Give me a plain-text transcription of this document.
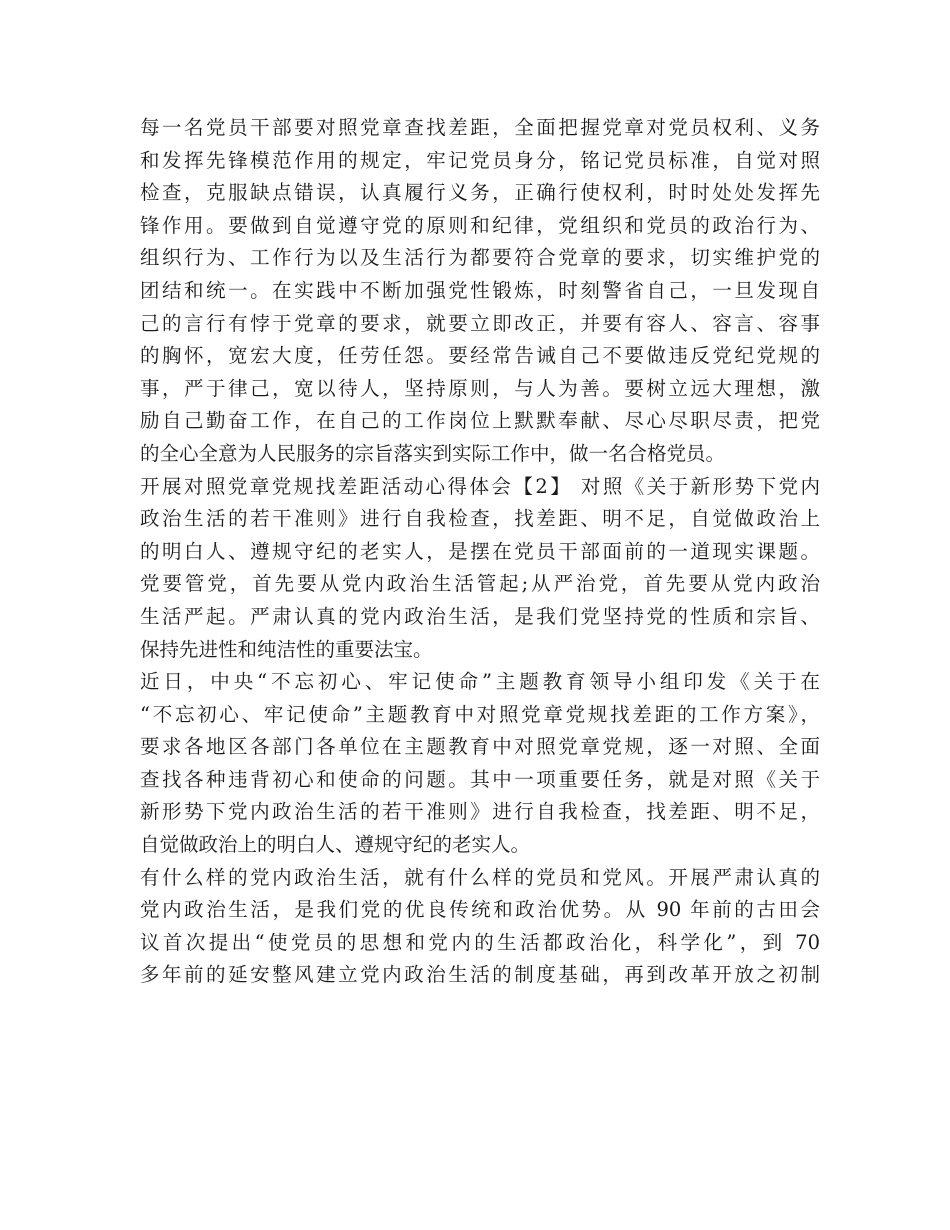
每一名党员干部要对照党章查找差距，全面把握党章对党员权利、义务
和发挥先锋模范作用的规定，牢记党员身分，铭记党员标准，自觉对照
检查，克服缺点错误，认真履行义务，正确行使权利，时时处处发挥先
锋作用。要做到自觉遵守党的原则和纪律，党组织和党员的政治行为、
组织行为、工作行为以及生活行为都要符合党章的要求，切实维护党的
团结和统一。在实践中不断加强党性锻炼，时刻警省自己，一旦发现自
己的言行有悖于党章的要求，就要立即改正，并要有容人、容言、容事
的胸怀，宽宏大度，任劳任怨。要经常告诫自己不要做违反党纪党规的
事，严于律己，宽以待人，坚持原则，与人为善。要树立远大理想，激
励自己勤奋工作，在自己的工作岗位上默默奉献、尽心尽职尽责，把党
的全心全意为人民服务的宗旨落实到实际工作中，做一名合格党员。
开展对照党章党规找差距活动心得体会【2】 对照《关于新形势下党内
政治生活的若干准则》进行自我检查，找差距、明不足，自觉做政治上
的明白人、遵规守纪的老实人，是摆在党员干部面前的一道现实课题。
党要管党，首先要从党内政治生活管起;从严治党，首先要从党内政治
生活严起。严肃认真的党内政治生活，是我们党坚持党的性质和宗旨、
保持先进性和纯洁性的重要法宝。
近日，中央“不忘初心、牢记使命”主题教育领导小组印发《关于在
“不忘初心、牢记使命”主题教育中对照党章党规找差距的工作方案》，
要求各地区各部门各单位在主题教育中对照党章党规，逐一对照、全面
查找各种违背初心和使命的问题。其中一项重要任务，就是对照《关于
新形势下党内政治生活的若干准则》进行自我检查，找差距、明不足，
自觉做政治上的明白人、遵规守纪的老实人。
有什么样的党内政治生活，就有什么样的党员和党风。开展严肃认真的
党内政治生活，是我们党的优良传统和政治优势。从 90 年前的古田会
议首次提出“使党员的思想和党内的生活都政治化，科学化”，到 70
多年前的延安整风建立党内政治生活的制度基础，再到改革开放之初制
